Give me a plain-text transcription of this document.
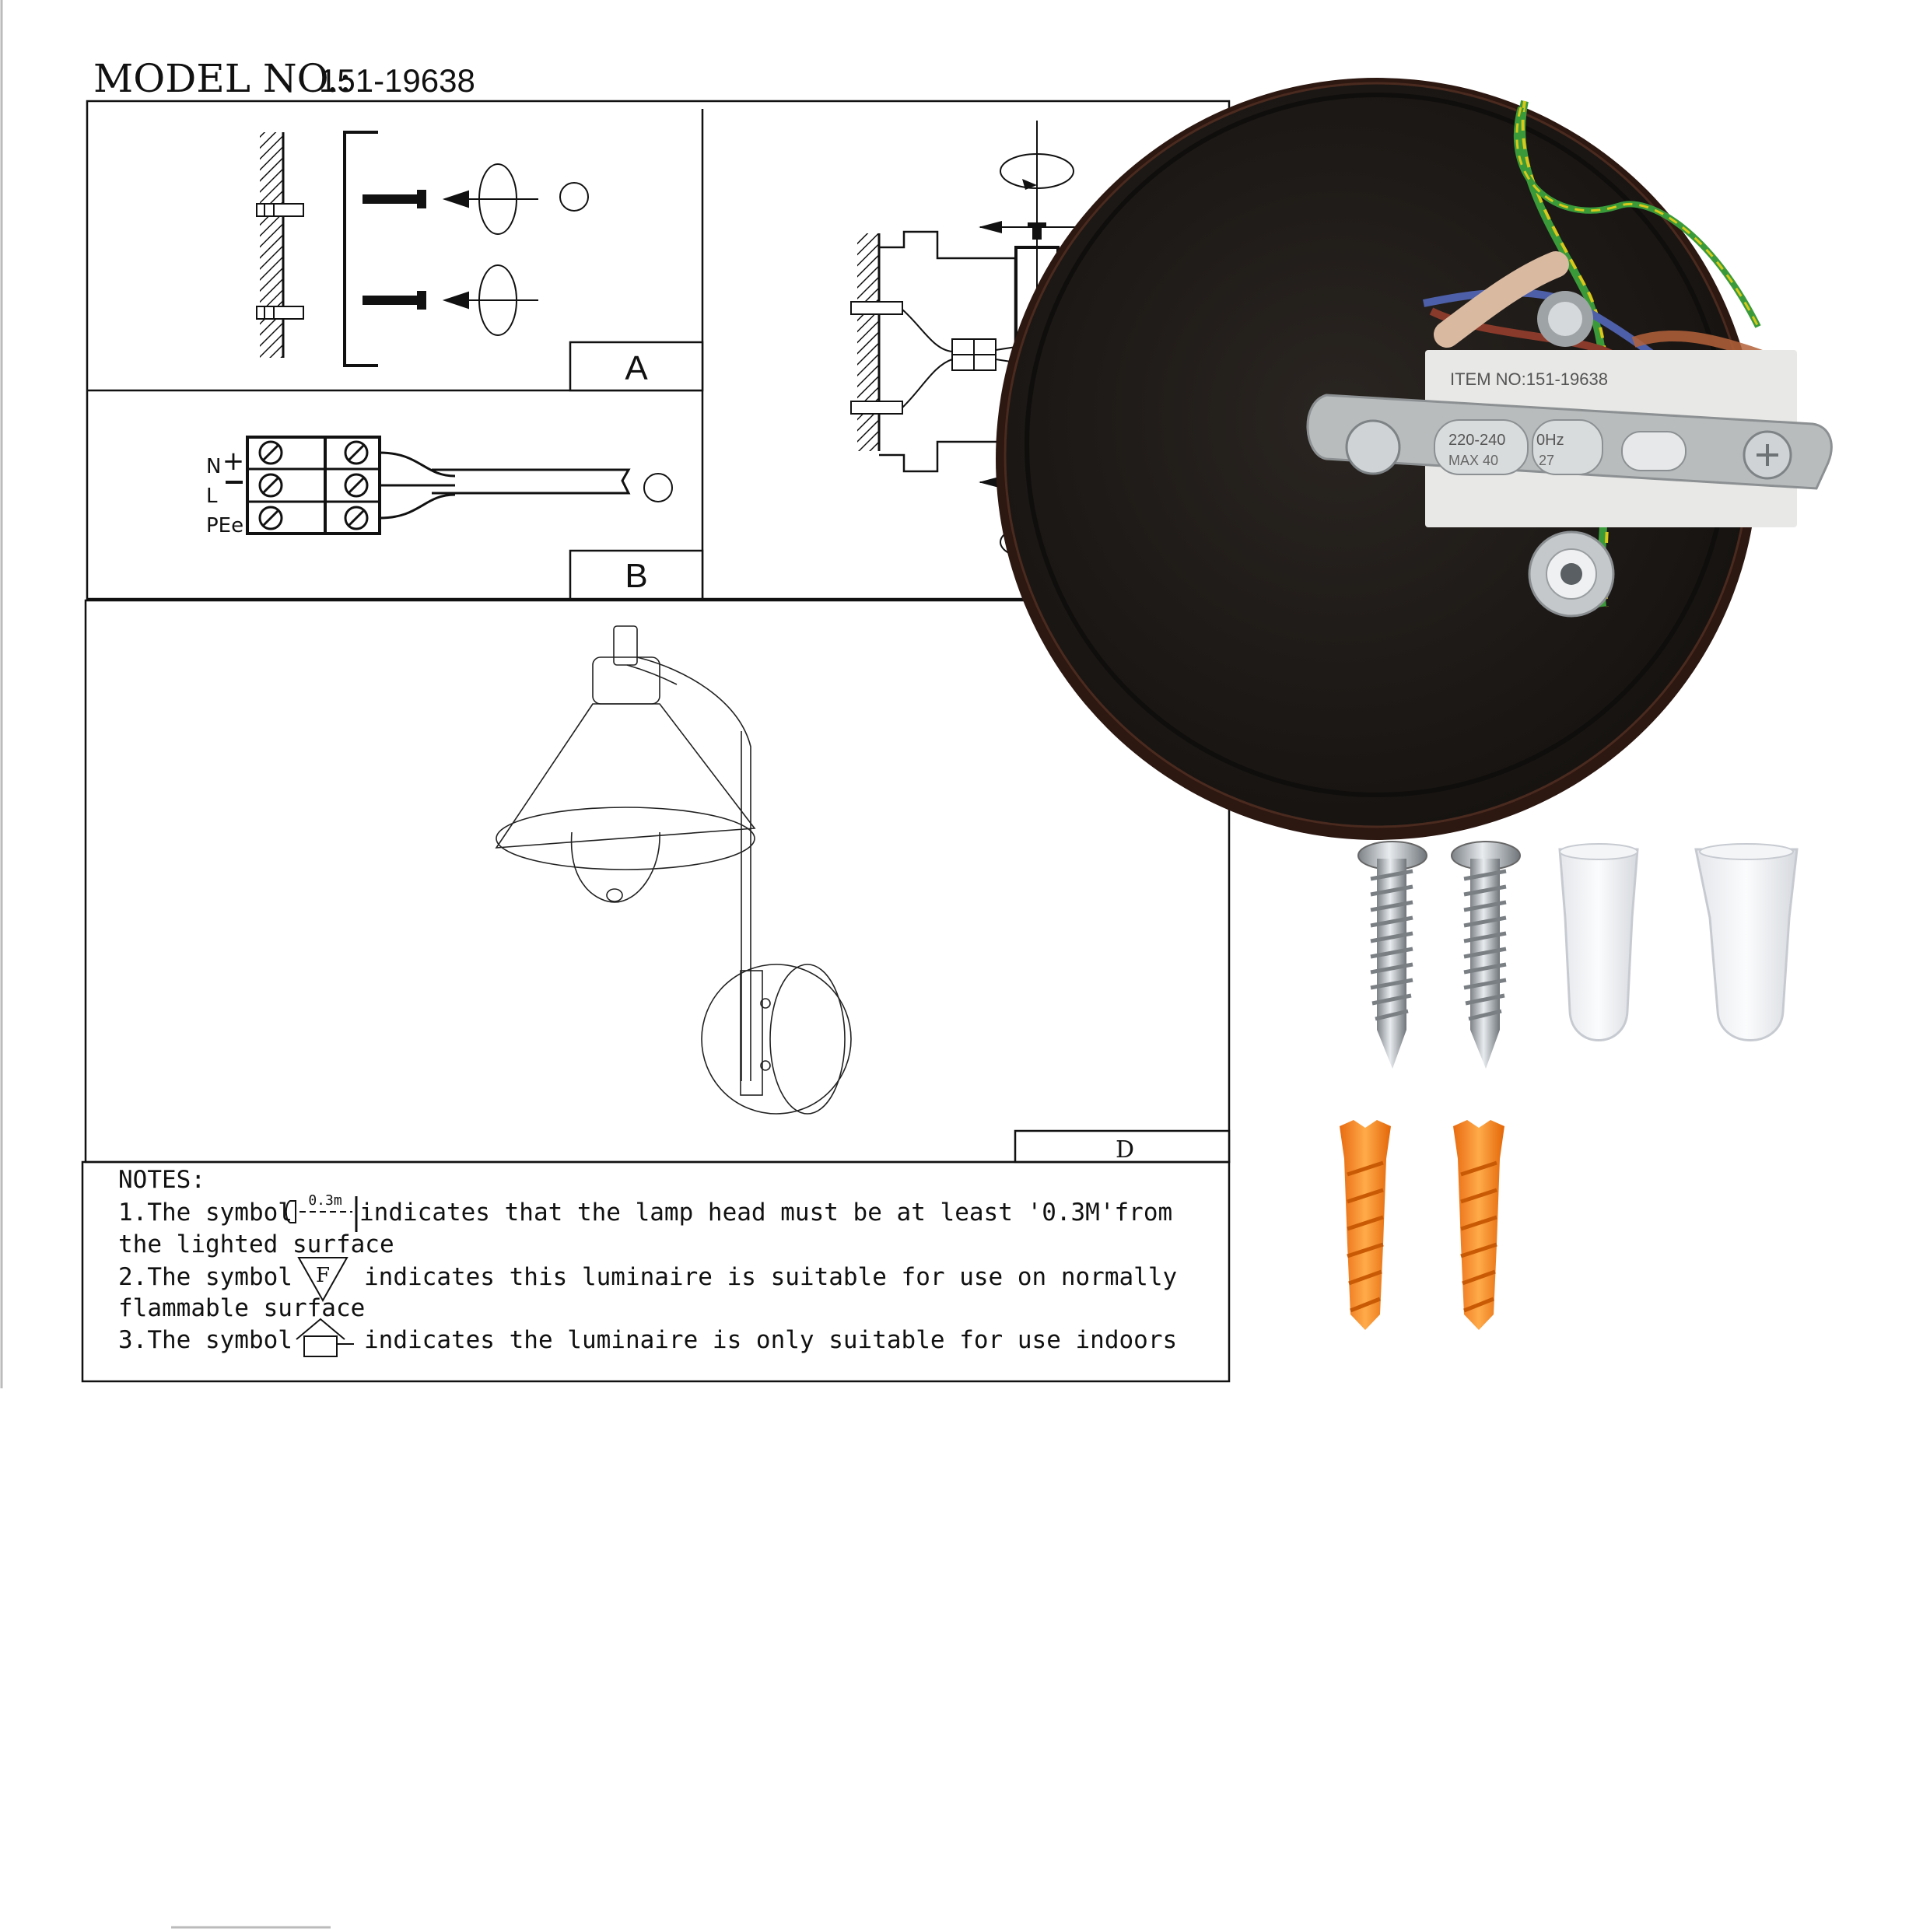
MODEL NO.:
151-19638
A
+
N
L
PEe
B
D
NOTES:
1.The symbol 0.3m indicates that the lamp head must be at least '0.3M'from
the lighted surface
2.The symbol F indicates this luminaire is suitable for use on normally
flammable surface
3.The symbol	indicates the luminaire is only suitable for use indoors
ITEM NO:151-19638
220-240
MAX 40
0Hz
27
